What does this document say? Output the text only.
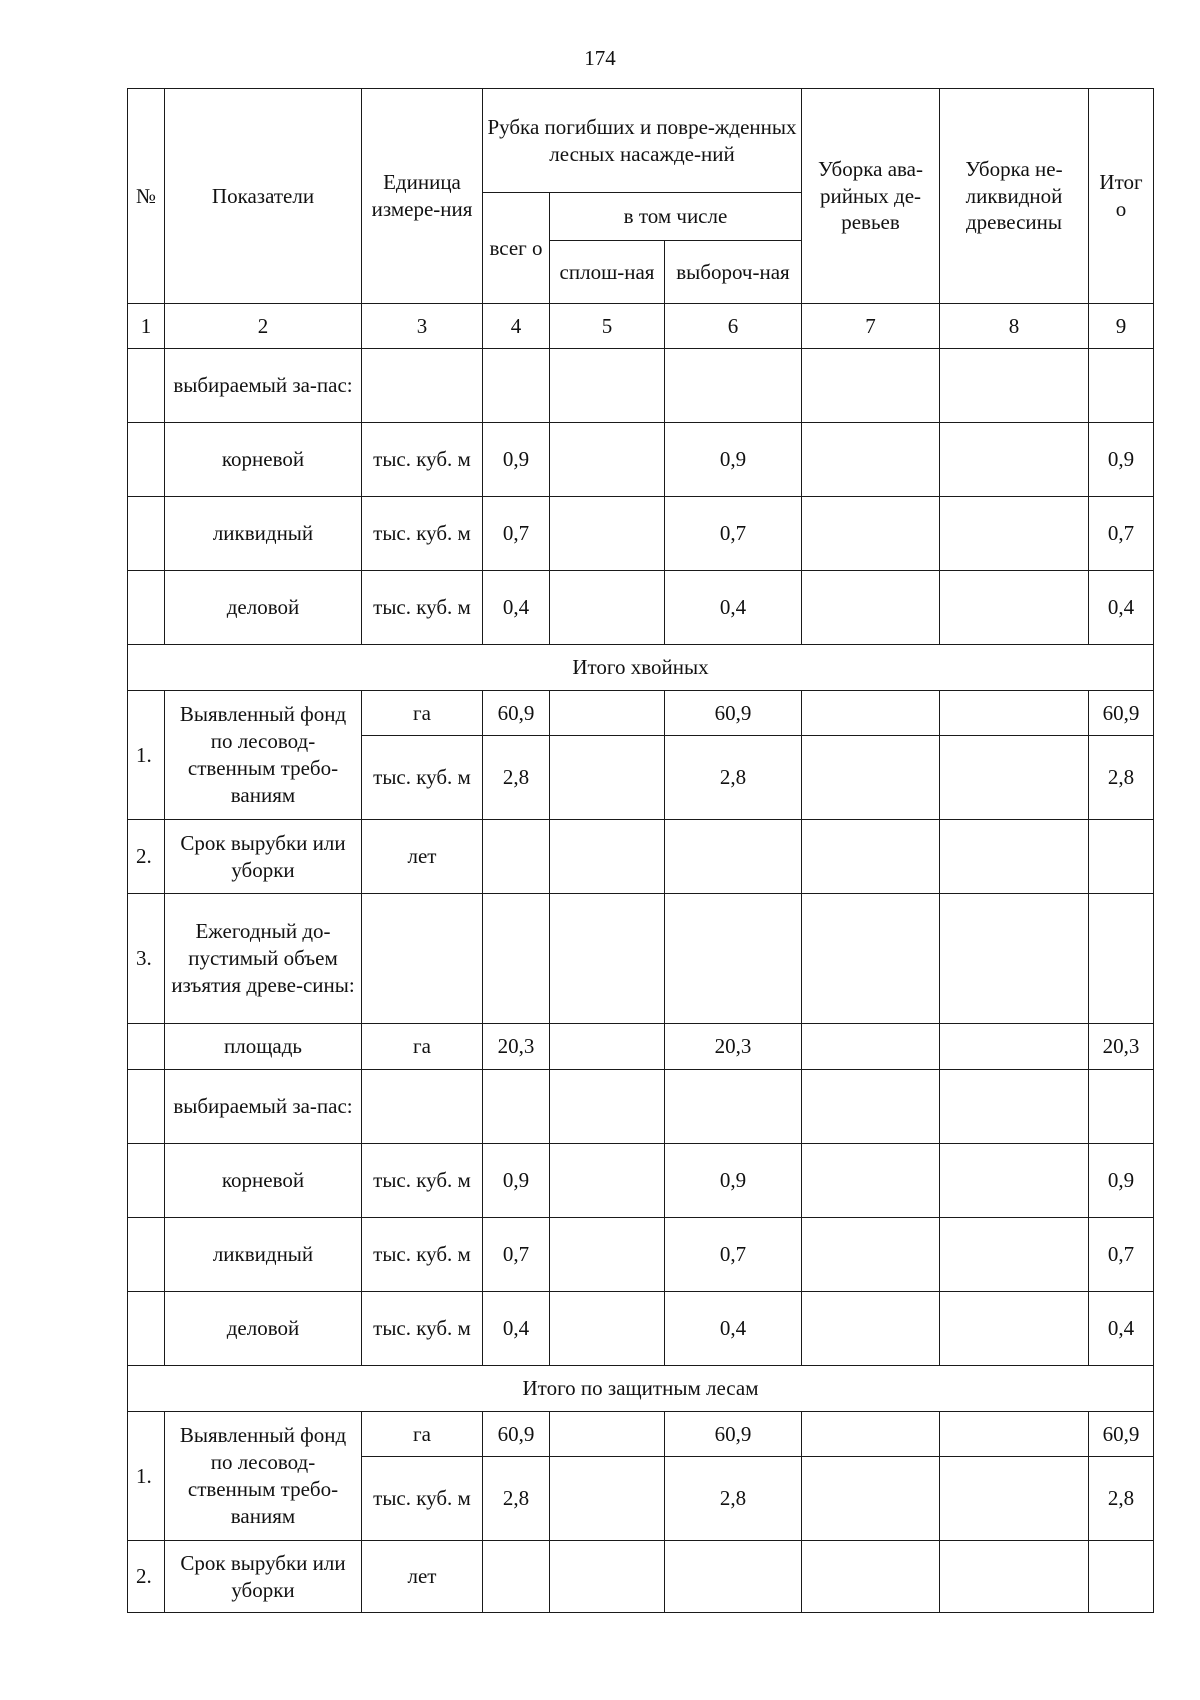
174
№	Показатели	Единица измере-ния	Рубка погибших и повре-жденных лесных насажде-ний			Уборка ава-рийных де-ревьев	Уборка не-ликвидной древесины	Итог о
			всег о	в том числе				
				сплош-ная	выбороч-ная			
1	2	3	4	5	6	7	8	9
	выбираемый за-пас:							
	корневой	тыс. куб. м	0,9		0,9			0,9
	ликвидный	тыс. куб. м	0,7		0,7			0,7
	деловой	тыс. куб. м	0,4		0,4			0,4
Итого хвойных								
1.	Выявленный фонд по лесовод-ственным требо-ваниям	га	60,9		60,9			60,9
		тыс. куб. м	2,8		2,8			2,8
2.	Срок вырубки или уборки	лет						
3.	Ежегодный до-пустимый объем изъятия древе-сины:							
	площадь	га	20,3		20,3			20,3
	выбираемый за-пас:							
	корневой	тыс. куб. м	0,9		0,9			0,9
	ликвидный	тыс. куб. м	0,7		0,7			0,7
	деловой	тыс. куб. м	0,4		0,4			0,4
Итого по защитным лесам								
1.	Выявленный фонд по лесовод-ственным требо-ваниям	га	60,9		60,9			60,9
		тыс. куб. м	2,8		2,8			2,8
2.	Срок вырубки или уборки	лет						
